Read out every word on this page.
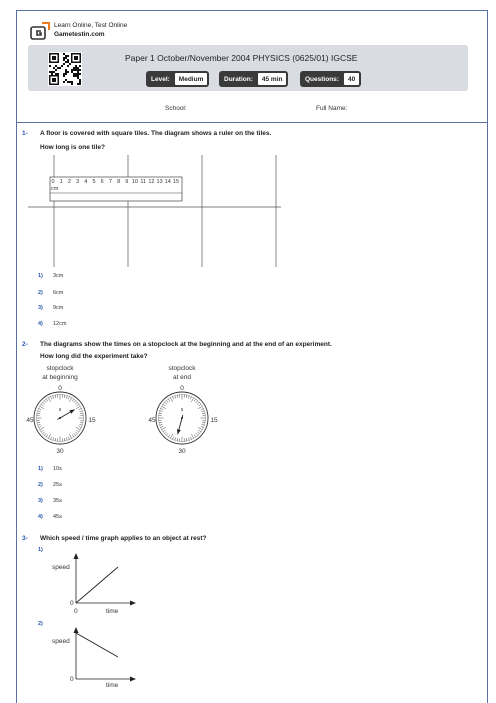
Learn Online, Test Online
Gametestin.com
Paper 1 October/November 2004 PHYSICS (0625/01) IGCSE
Level:	Medium	Duration:	45 min	Questions:	40
School:	Full Name:
1- A floor is covered with square tiles. The diagram shows a ruler on the tiles.
How long is one tile?
0 1 2 3 4 5 6 7 8 9 10 11 12 13 14 15
cm
1) 3cm
2) 6cm
3) 9cm
4) 12cm
2- The diagrams show the times on a stopclock at the beginning and at the end of an experiment.
How long did the experiment take?
stopclock
at beginning
0
15
30
45
s
stopclock
at end
0
15
30
45
s
1) 10s
2) 25s
3) 35s
4) 45s
3- Which speed / time graph applies to an object at rest?
1)
speed
time
0
0
2)
speed
time
0
